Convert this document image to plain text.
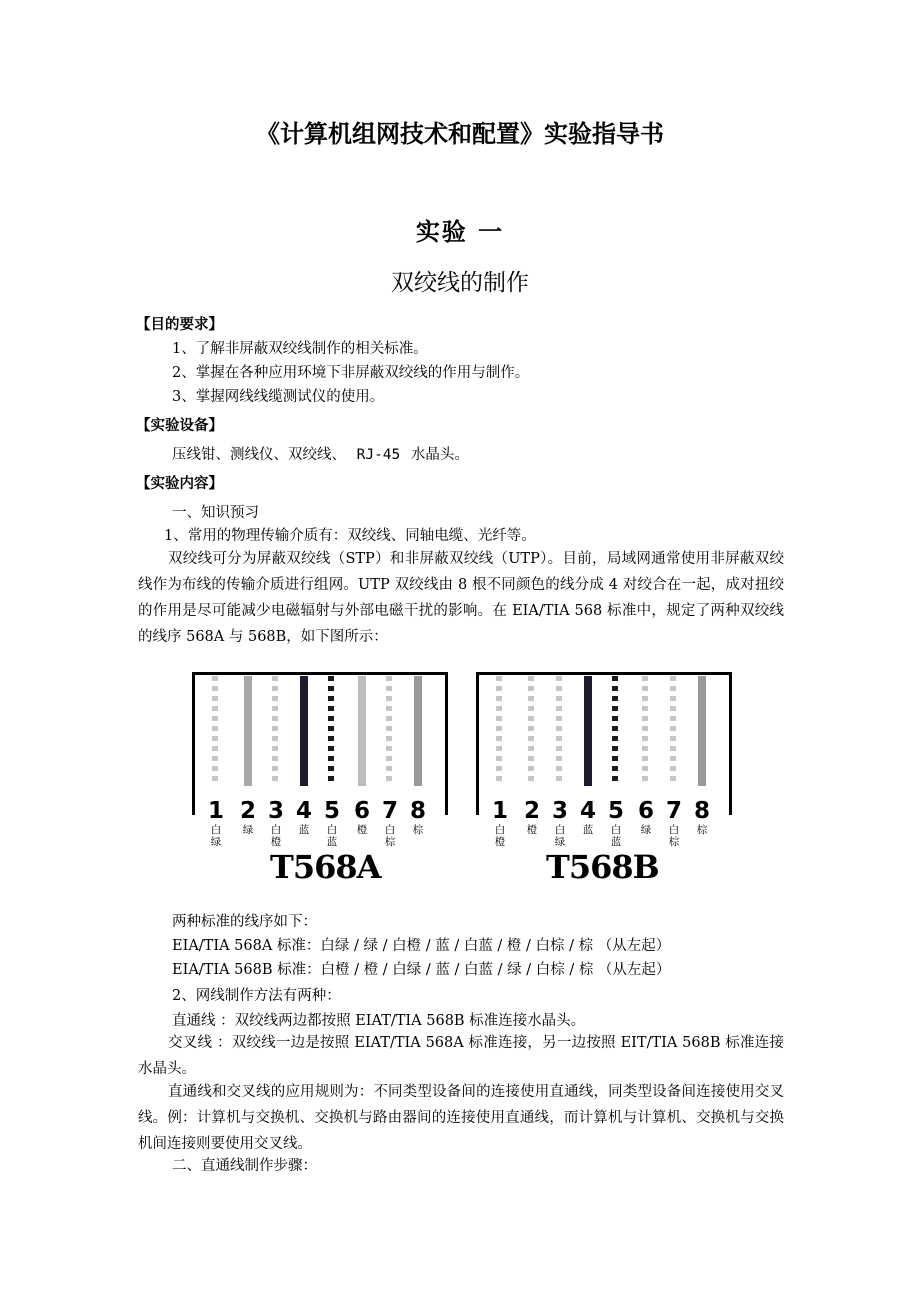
《计算机组网技术和配置》实验指导书
实验 一
双绞线的制作
【目的要求】
1、了解非屏蔽双绞线制作的相关标准。
2、掌握在各种应用环境下非屏蔽双绞线的作用与制作。
3、掌握网线线缆测试仪的使用。
【实验设备】
压线钳、测线仪、双绞线、 RJ-45 水晶头。
【实验内容】
一、知识预习
1、常用的物理传输介质有：双绞线、同轴电缆、光纤等。
双绞线可分为屏蔽双绞线（STP）和非屏蔽双绞线（UTP）。目前，局域网通常使用非屏蔽双绞线作为布线的传输介质进行组网。UTP 双绞线由 8 根不同颜色的线分成 4 对绞合在一起，成对扭绞的作用是尽可能减少电磁辐射与外部电磁干扰的影响。在 EIA/TIA 568 标准中，规定了两种双绞线的线序 568A 与 568B，如下图所示：
1 2 3 4 5 6 7 8
白
绿
绿 白
橙
蓝 白
蓝
橙 白
棕
棕
T568A
1 2 3 4 5 6 7 8
白
橙
橙 白
绿
蓝 白
蓝
绿 白
棕
棕
T568B
两种标准的线序如下：
EIA/TIA 568A 标准：白绿 / 绿 / 白橙 / 蓝 / 白蓝 / 橙 / 白棕 / 棕 （从左起）
EIA/TIA 568B 标准：白橙 / 橙 / 白绿 / 蓝 / 白蓝 / 绿 / 白棕 / 棕 （从左起）
2、网线制作方法有两种：
直通线 ：双绞线两边都按照 EIAT/TIA 568B 标准连接水晶头。
交叉线 ：双绞线一边是按照 EIAT/TIA 568A 标准连接，另一边按照 EIT/TIA 568B 标准连接水晶头。
直通线和交叉线的应用规则为：不同类型设备间的连接使用直通线，同类型设备间连接使用交叉线。例：计算机与交换机、交换机与路由器间的连接使用直通线，而计算机与计算机、交换机与交换机间连接则要使用交叉线。
二、直通线制作步骤：
